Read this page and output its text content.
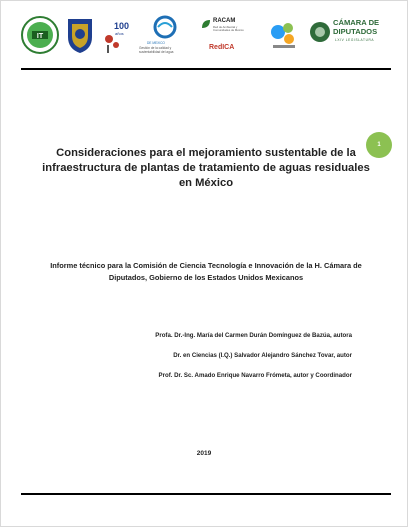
IT
100
años
DE MEXICO
Gestión de la calidad y
sustentabilidad del agua
RACAM
Red de Ambiental y
Comunidades de México
RedICA
CÁMARA DE
DIPUTADOS
LXIV LEGISLATURA
1
Consideraciones para el mejoramiento sustentable de la infraestructura de plantas de tratamiento de aguas residuales en México

Informe técnico para la Comisión de Ciencia Tecnología e Innovación de la H. Cámara de Diputados, Gobierno de los Estados Unidos Mexicanos

Profa. Dr.-Ing. María del Carmen Durán Domínguez de Bazúa, autora
Dr. en Ciencias (I.Q.) Salvador Alejandro Sánchez Tovar, autor
Prof. Dr. Sc. Amado Enrique Navarro Frómeta, autor y Coordinador
2019
